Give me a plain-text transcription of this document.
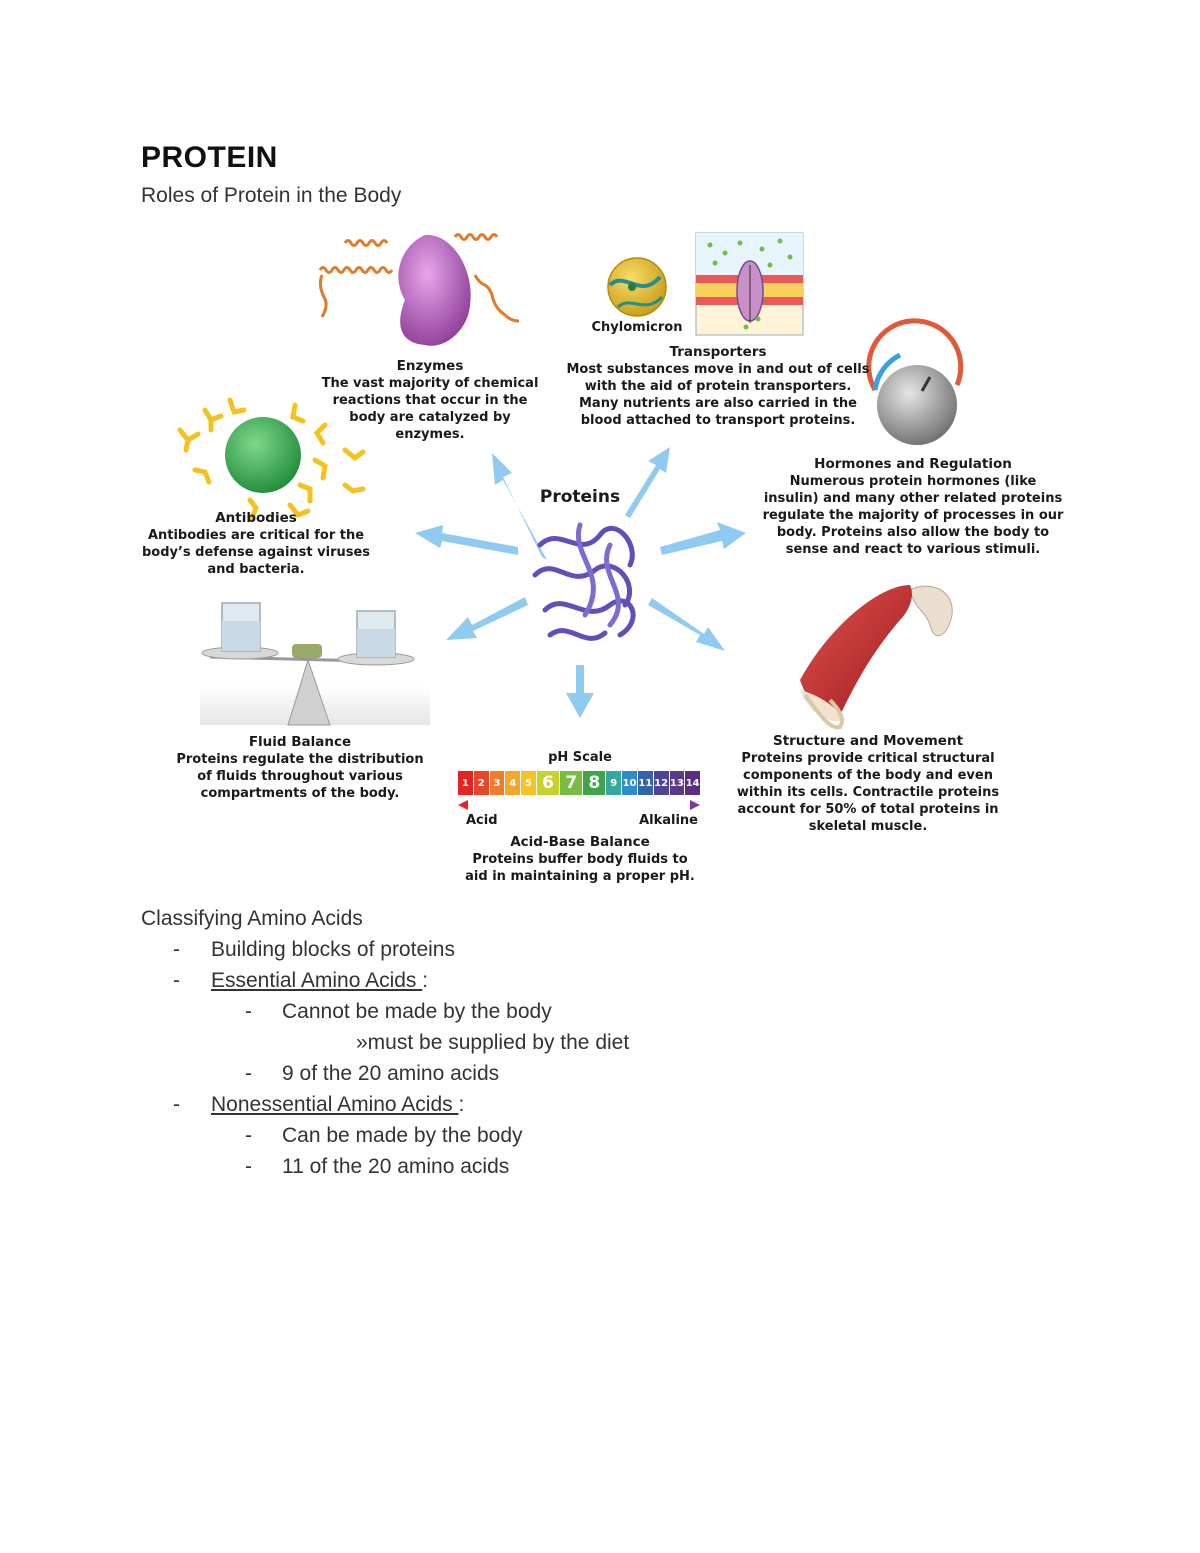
PROTEIN
Roles of Protein in the Body
Proteins
Chylomicron
Enzymes
The vast majority of chemical
reactions that occur in the
body are catalyzed by
enzymes.
Transporters
Most substances move in and out of cells
with the aid of protein transporters.
Many nutrients are also carried in the
blood attached to transport proteins.
Hormones and Regulation
Numerous protein hormones (like
insulin) and many other related proteins
regulate the majority of processes in our
body. Proteins also allow the body to
sense and react to various stimuli.
Antibodies
Antibodies are critical for the
body’s defense against viruses
and bacteria.
Fluid Balance
Proteins regulate the distribution
of fluids throughout various
compartments of the body.
pH Scale
Acid	Alkaline
Acid-Base Balance
Proteins buffer body fluids to
aid in maintaining a proper pH.
Structure and Movement
Proteins provide critical structural
components of the body and even
within its cells. Contractile proteins
account for 50% of total proteins in
skeletal muscle.
1 2 3 4 5 6 7 8	9 10 11 12 13 14
Classifying Amino Acids
- Building blocks of proteins
- Essential Amino Acids :
- Cannot be made by the body
»must be supplied by the diet
- 9 of the 20 amino acids
- Nonessential Amino Acids :
- Can be made by the body
- 11 of the 20 amino acids
